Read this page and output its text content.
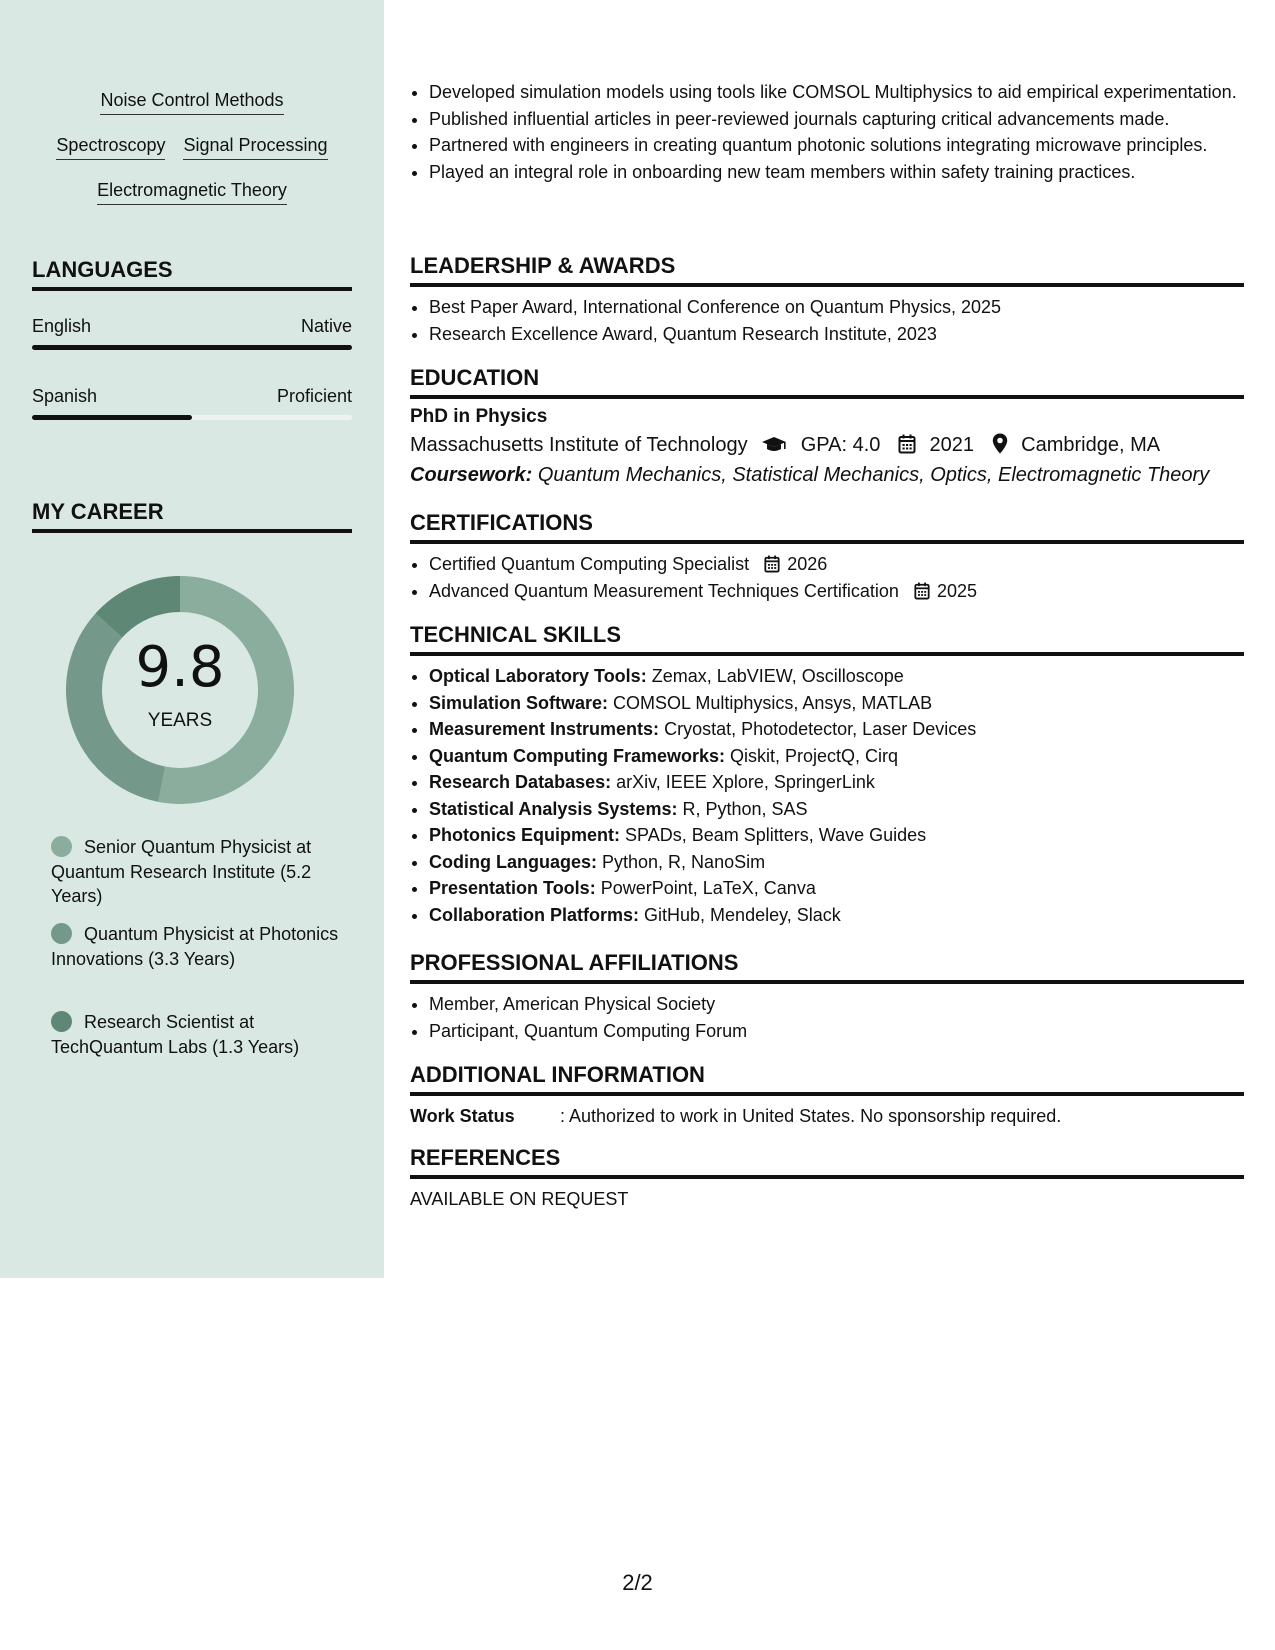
Noise Control Methods
Spectroscopy Signal Processing
Electromagnetic Theory
LANGUAGES
English	Native
Spanish	Proficient
MY CAREER
9.8
YEARS
Senior Quantum Physicist at Quantum Research Institute (5.2 Years)
Quantum Physicist at Photonics Innovations (3.3 Years)
Research Scientist at TechQuantum Labs (1.3 Years)
• Developed simulation models using tools like COMSOL Multiphysics to aid empirical experimentation.
• Published influential articles in peer-reviewed journals capturing critical advancements made.
• Partnered with engineers in creating quantum photonic solutions integrating microwave principles.
• Played an integral role in onboarding new team members within safety training practices.
LEADERSHIP & AWARDS
• Best Paper Award, International Conference on Quantum Physics, 2025
• Research Excellence Award, Quantum Research Institute, 2023
EDUCATION
PhD in Physics
Massachusetts Institute of Technology	GPA: 4.0 2021 Cambridge, MA
Coursework: Quantum Mechanics, Statistical Mechanics, Optics, Electromagnetic Theory
CERTIFICATIONS
• Certified Quantum Computing Specialist 2026
• Advanced Quantum Measurement Techniques Certification 2025
TECHNICAL SKILLS
• Optical Laboratory Tools: Zemax, LabVIEW, Oscilloscope
• Simulation Software: COMSOL Multiphysics, Ansys, MATLAB
• Measurement Instruments: Cryostat, Photodetector, Laser Devices
• Quantum Computing Frameworks: Qiskit, ProjectQ, Cirq
• Research Databases: arXiv, IEEE Xplore, SpringerLink
• Statistical Analysis Systems: R, Python, SAS
• Photonics Equipment: SPADs, Beam Splitters, Wave Guides
• Coding Languages: Python, R, NanoSim
• Presentation Tools: PowerPoint, LaTeX, Canva
• Collaboration Platforms: GitHub, Mendeley, Slack
PROFESSIONAL AFFILIATIONS
• Member, American Physical Society
• Participant, Quantum Computing Forum
ADDITIONAL INFORMATION
Work Status	: Authorized to work in United States. No sponsorship required.
REFERENCES
AVAILABLE ON REQUEST
2/2
